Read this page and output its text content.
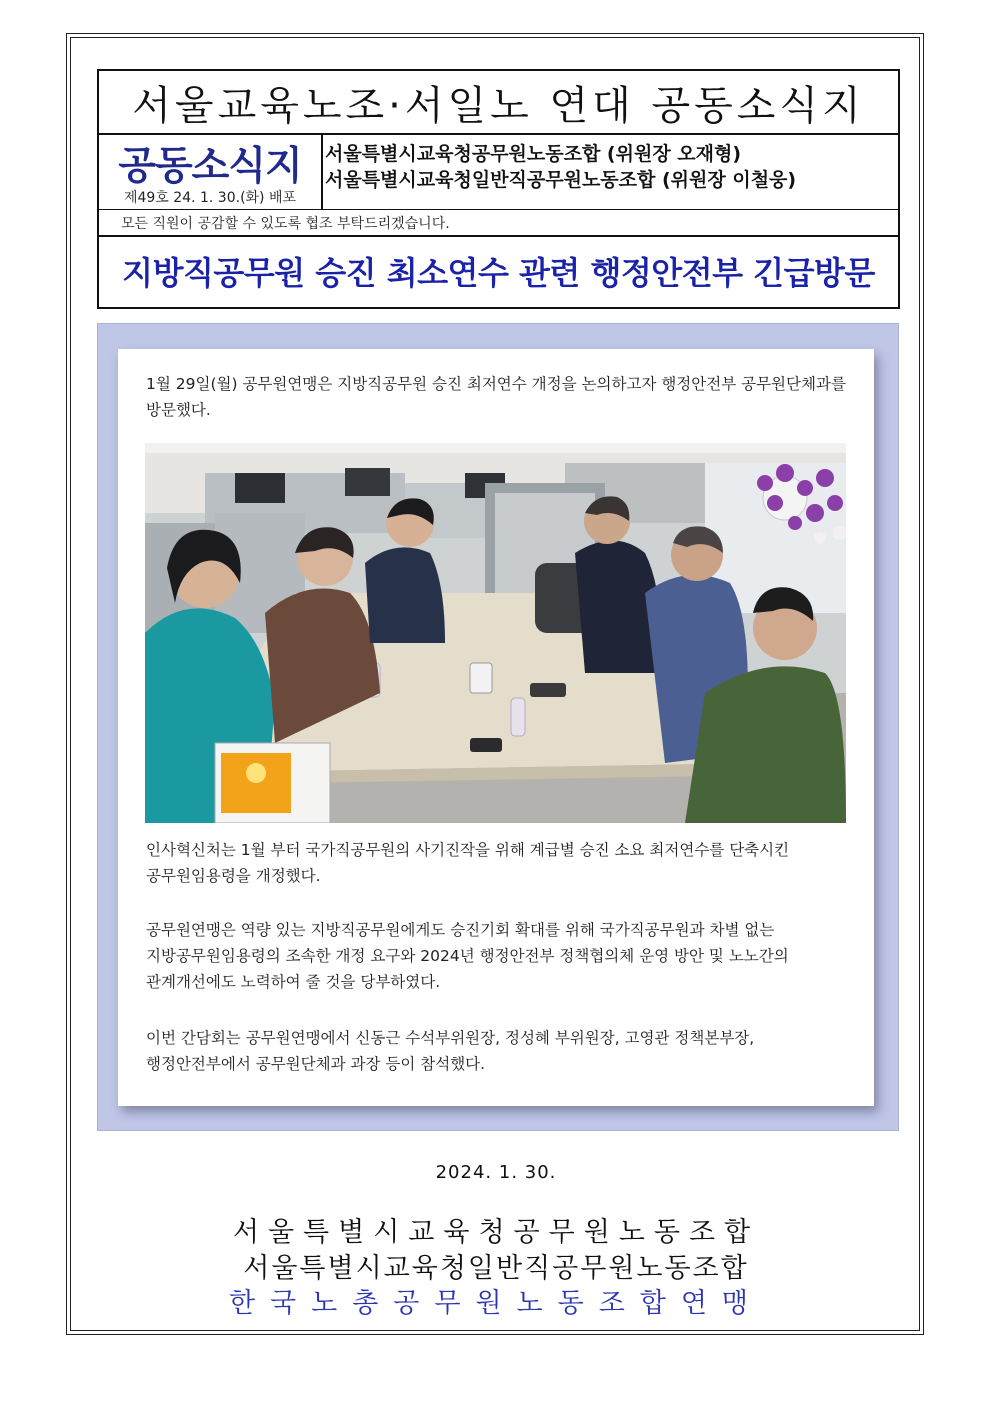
서울교육노조·서일노 연대 공동소식지
공동소식지
제49호 24. 1. 30.(화) 배포
서울특별시교육청공무원노동조합 (위원장 오재형)
서울특별시교육청일반직공무원노동조합 (위원장 이철웅)
모든 직원이 공감할 수 있도록 협조 부탁드리겠습니다.
지방직공무원 승진 최소연수 관련 행정안전부 긴급방문
1월 29일(월) 공무원연맹은 지방직공무원 승진 최저연수 개정을 논의하고자 행정안전부 공무원단체과를 방문했다.
인사혁신처는 1월 부터 국가직공무원의 사기진작을 위해 계급별 승진 소요 최저연수를 단축시킨 공무원임용령을 개정했다.
공무원연맹은 역량 있는 지방직공무원에게도 승진기회 확대를 위해 국가직공무원과 차별 없는 지방공무원임용령의 조속한 개정 요구와 2024년 행정안전부 정책협의체 운영 방안 및 노노간의 관계개선에도 노력하여 줄 것을 당부하였다.
이번 간담회는 공무원연맹에서 신동근 수석부위원장, 정성혜 부위원장, 고영관 정책본부장, 행정안전부에서 공무원단체과 과장 등이 참석했다.
2024. 1. 30.
서울특별시교육청공무원노동조합
서울특별시교육청일반직공무원노동조합
한국노총공무원노동조합연맹
